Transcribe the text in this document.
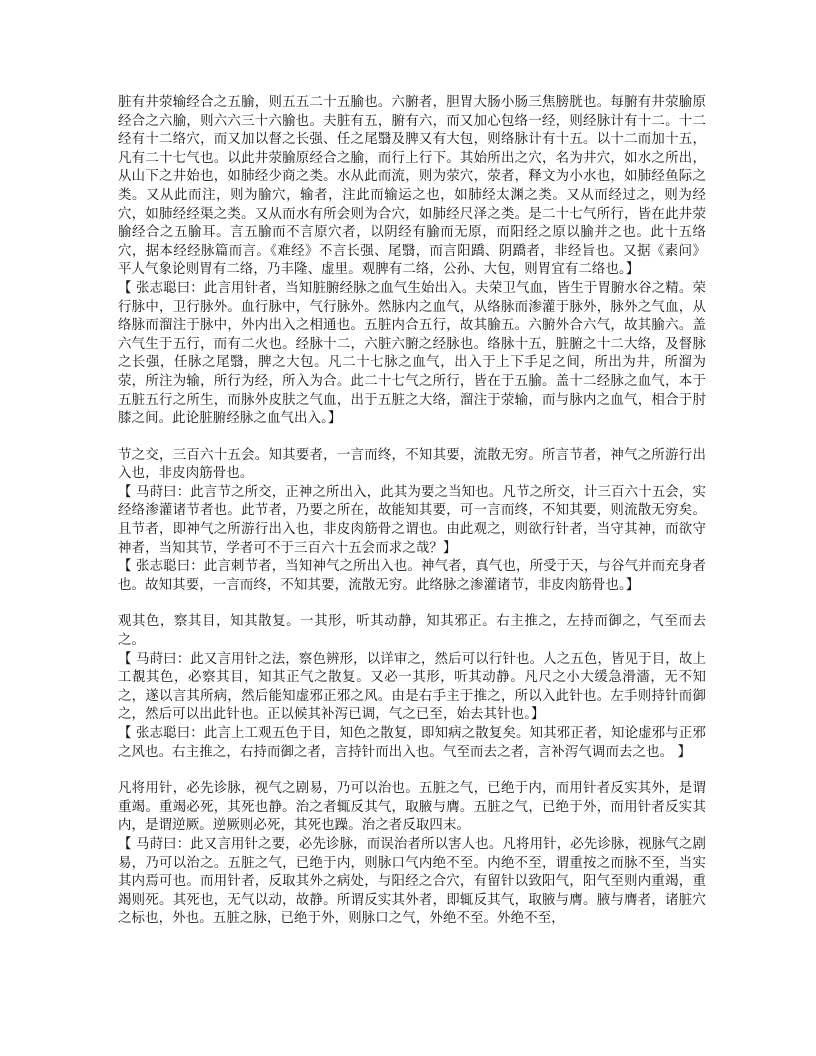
脏有井荥输经合之五腧，则五五二十五腧也。六腑者，胆胃大肠小肠三焦膀胱也。每腑有井荥腧原经合之六腧，则六六三十六腧也。夫脏有五，腑有六，而又加心包络一经，则经脉计有十二。十二经有十二络穴，而又加以督之长强、任之尾翳及脾又有大包，则络脉计有十五。以十二而加十五，凡有二十七气也。以此井荥腧原经合之腧，而行上行下。其始所出之穴，名为井穴，如水之所出，从山下之井始也，如肺经少商之类。水从此而流，则为荥穴，荥者，释文为小水也，如肺经鱼际之类。又从此而注，则为腧穴，输者，注此而输运之也，如肺经太渊之类。又从而经过之，则为经穴，如肺经经渠之类。又从而水有所会则为合穴，如肺经尺泽之类。是二十七气所行，皆在此井荥腧经合之五腧耳。言五腧而不言原穴者，以阴经有腧而无原，而阳经之原以腧并之也。此十五络穴，据本经经脉篇而言。《难经》不言长强、尾翳，而言阳蹻、阴蹻者，非经旨也。又据《素问》平人气象论则胃有二络，乃丰隆、虚里。观脾有二络，公孙、大包，则胃宜有二络也。】

【 张志聪曰：此言用针者，当知脏腑经脉之血气生始出入。夫荣卫气血，皆生于胃腑水谷之精。荣行脉中，卫行脉外。血行脉中，气行脉外。然脉内之血气，从络脉而渗灌于脉外，脉外之气血，从络脉而溜注于脉中，外内出入之相通也。五脏内合五行，故其腧五。六腑外合六气，故其腧六。盖六气生于五行，而有二火也。经脉十二，六脏六腑之经脉也。络脉十五，脏腑之十二大络，及督脉之长强，任脉之尾翳，脾之大包。凡二十七脉之血气，出入于上下手足之间，所出为井，所溜为荥，所注为输，所行为经，所入为合。此二十七气之所行，皆在于五腧。盖十二经脉之血气，本于五脏五行之所生，而脉外皮肤之气血，出于五脏之大络，溜注于荥输，而与脉内之血气，相合于肘膝之间。此论脏腑经脉之血气出入。】

节之交，三百六十五会。知其要者，一言而终，不知其要，流散无穷。所言节者，神气之所游行出入也，非皮肉筋骨也。

【 马莳曰：此言节之所交，正神之所出入，此其为要之当知也。凡节之所交，计三百六十五会，实经络渗灌诸节者也。此节者，乃要之所在，故能知其要，可一言而终，不知其要，则流散无穷矣。且节者，即神气之所游行出入也，非皮肉筋骨之谓也。由此观之，则欲行针者，当守其神，而欲守神者，当知其节，学者可不于三百六十五会而求之哉？】

【 张志聪曰：此言刺节者，当知神气之所出入也。神气者，真气也，所受于天，与谷气并而充身者也。故知其要，一言而终，不知其要，流散无穷。此络脉之渗灌诸节，非皮肉筋骨也。】

观其色，察其目，知其散复。一其形，听其动静，知其邪正。右主推之，左持而御之，气至而去之。

【 马莳曰：此又言用针之法，察色辨形，以详审之，然后可以行针也。人之五色，皆见于目，故上工覩其色，必察其目，知其正气之散复。又必一其形，听其动静。凡尺之小大缓急滑濇，无不知之，遂以言其所病，然后能知虚邪正邪之风。由是右手主于推之，所以入此针也。左手则持针而御之，然后可以出此针也。正以候其补泻已调，气之已至，始去其针也。】

【 张志聪曰：此言上工观五色于目，知色之散复，即知病之散复矣。知其邪正者，知论虚邪与正邪之风也。右主推之，右持而御之者，言持针而出入也。气至而去之者，言补泻气调而去之也。 】

凡将用针，必先诊脉，视气之剧易，乃可以治也。五脏之气，已绝于内，而用针者反实其外，是谓重竭。重竭必死，其死也静。治之者辄反其气，取腋与膺。五脏之气，已绝于外，而用针者反实其内，是谓逆厥。逆厥则必死，其死也躁。治之者反取四末。

【 马莳曰：此又言用针之要，必先诊脉，而误治者所以害人也。凡将用针，必先诊脉，视脉气之剧易，乃可以治之。五脏之气，已绝于内，则脉口气内绝不至。内绝不至，谓重按之而脉不至，当实其内焉可也。而用针者，反取其外之病处，与阳经之合穴，有留针以致阳气，阳气至则内重竭，重竭则死。其死也，无气以动，故静。所谓反实其外者，即辄反其气，取腋与膺。腋与膺者，诸脏穴之标也，外也。五脏之脉，已绝于外，则脉口之气，外绝不至。外绝不至，
